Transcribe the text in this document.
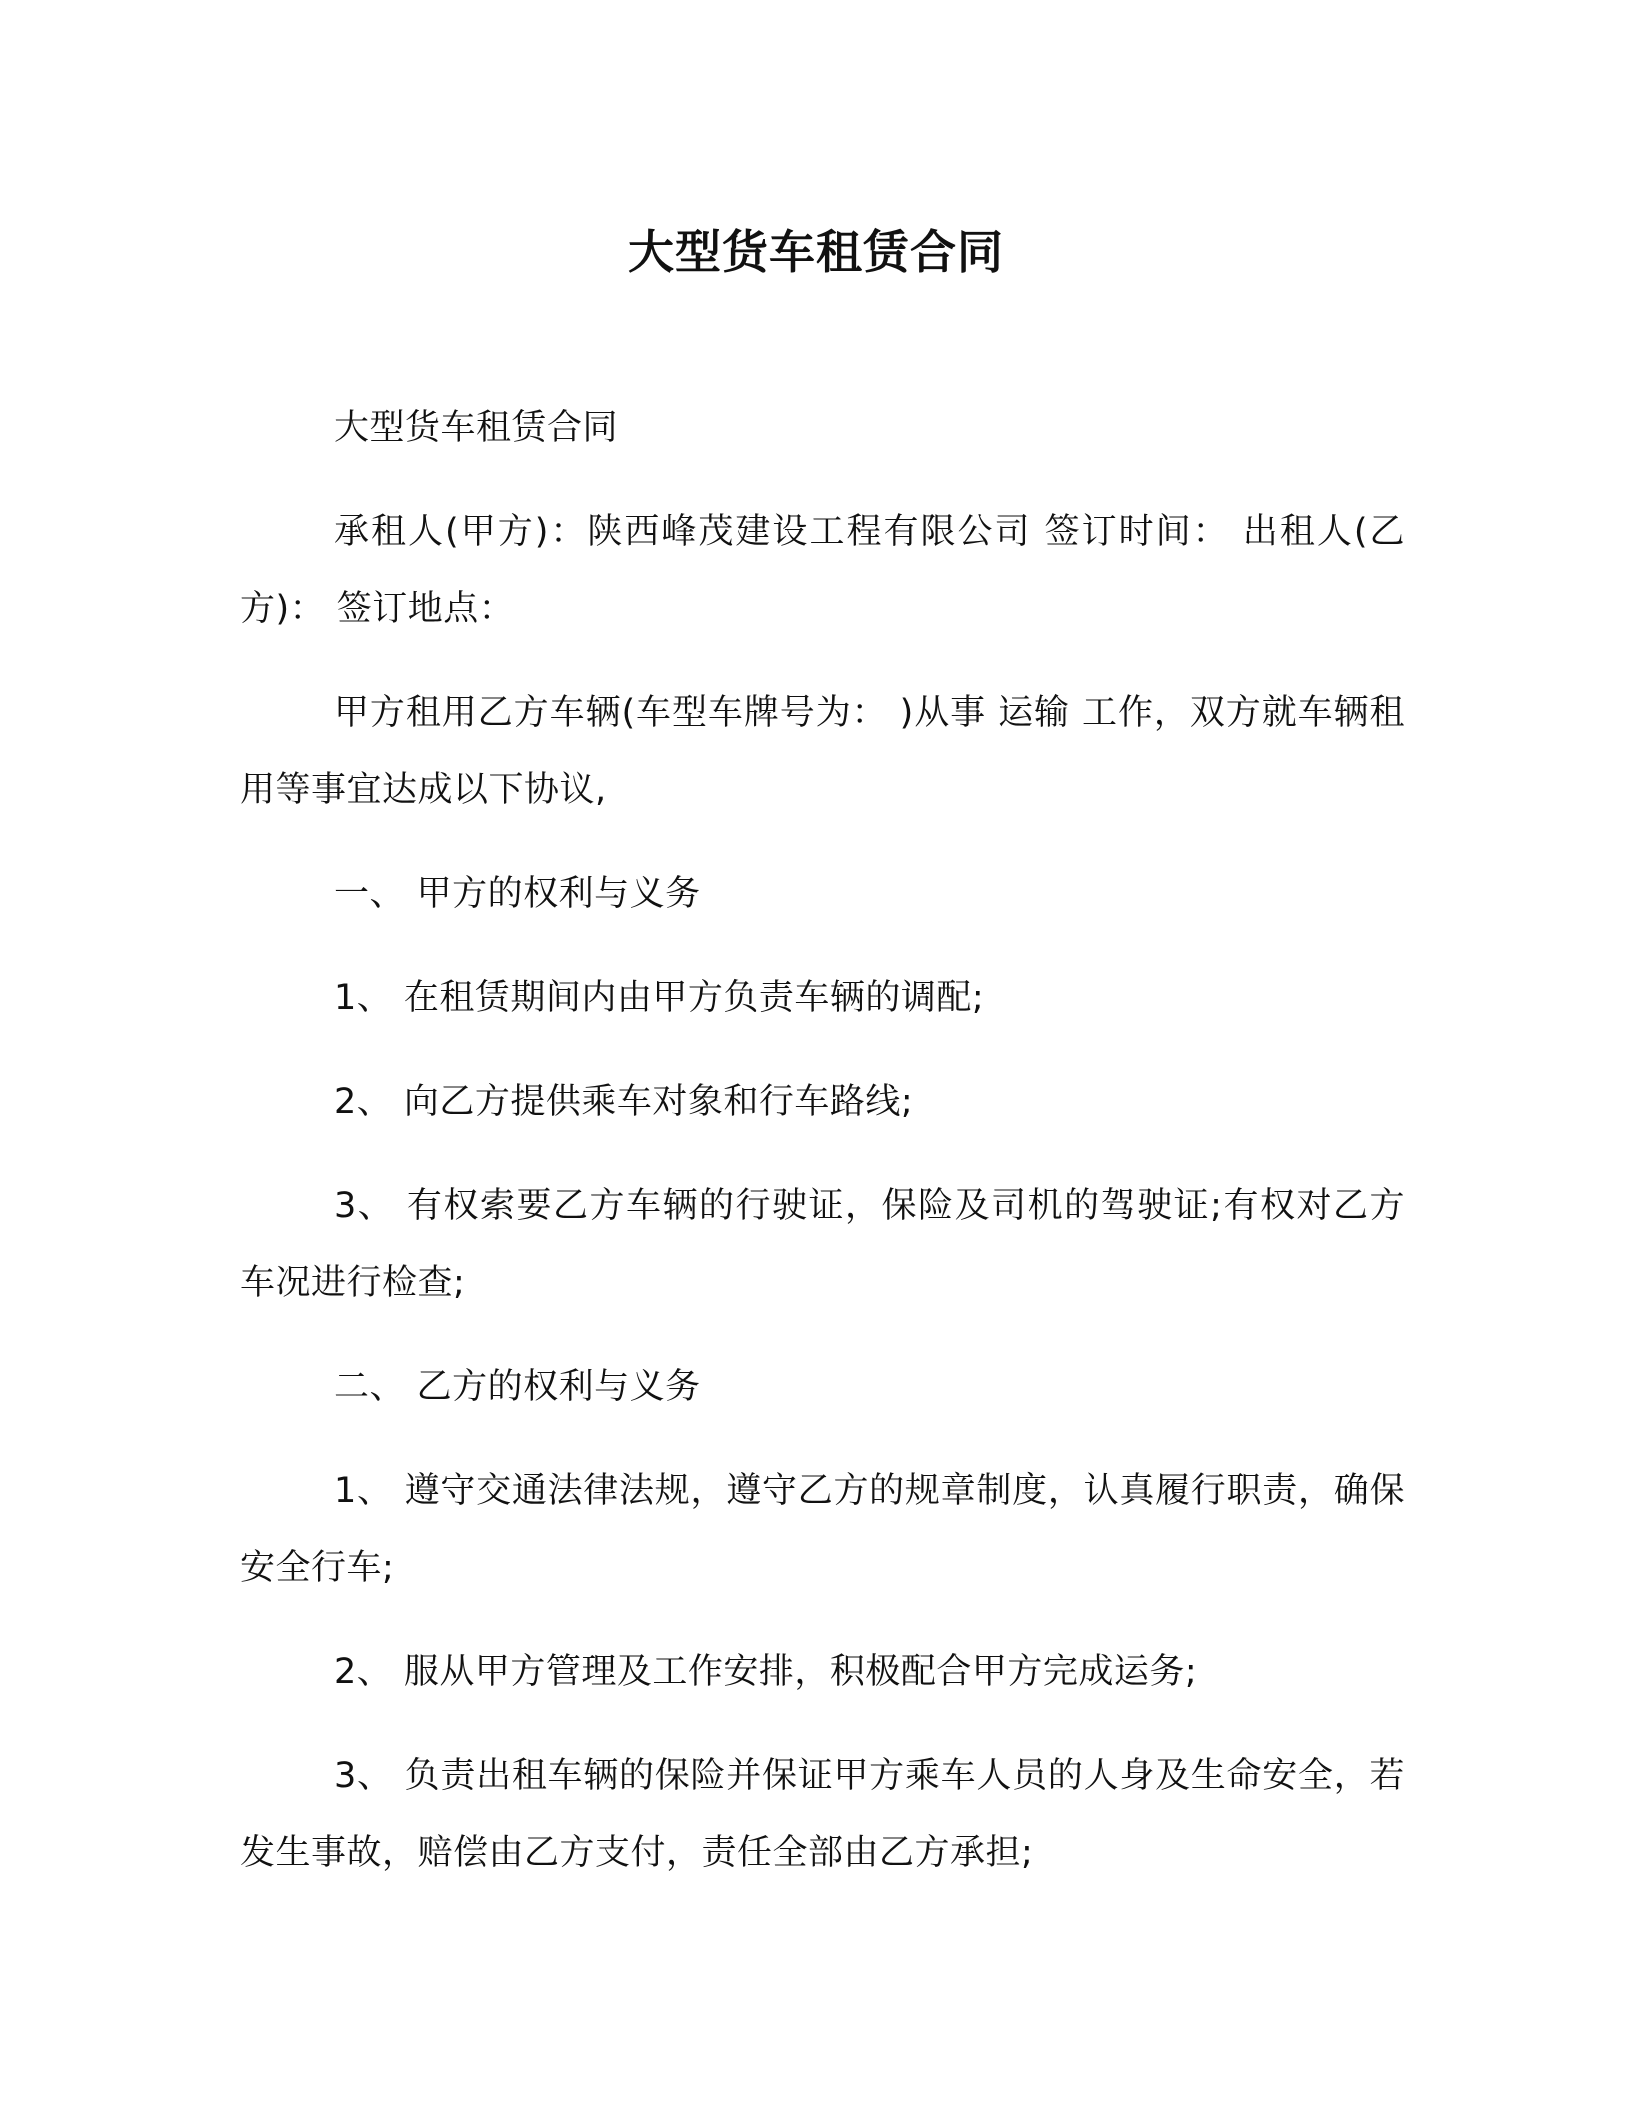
大型货车租赁合同

大型货车租赁合同

承租人(甲方)：陕西峰茂建设工程有限公司 签订时间： 出租人(乙方)： 签订地点：

甲方租用乙方车辆(车型车牌号为： )从事 运输 工作，双方就车辆租用等事宜达成以下协议,

一、 甲方的权利与义务

1、 在租赁期间内由甲方负责车辆的调配;

2、 向乙方提供乘车对象和行车路线;

3、 有权索要乙方车辆的行驶证，保险及司机的驾驶证;有权对乙方车况进行检查;

二、 乙方的权利与义务

1、 遵守交通法律法规，遵守乙方的规章制度，认真履行职责，确保安全行车;

2、 服从甲方管理及工作安排，积极配合甲方完成运务;

3、 负责出租车辆的保险并保证甲方乘车人员的人身及生命安全，若发生事故，赔偿由乙方支付，责任全部由乙方承担;
